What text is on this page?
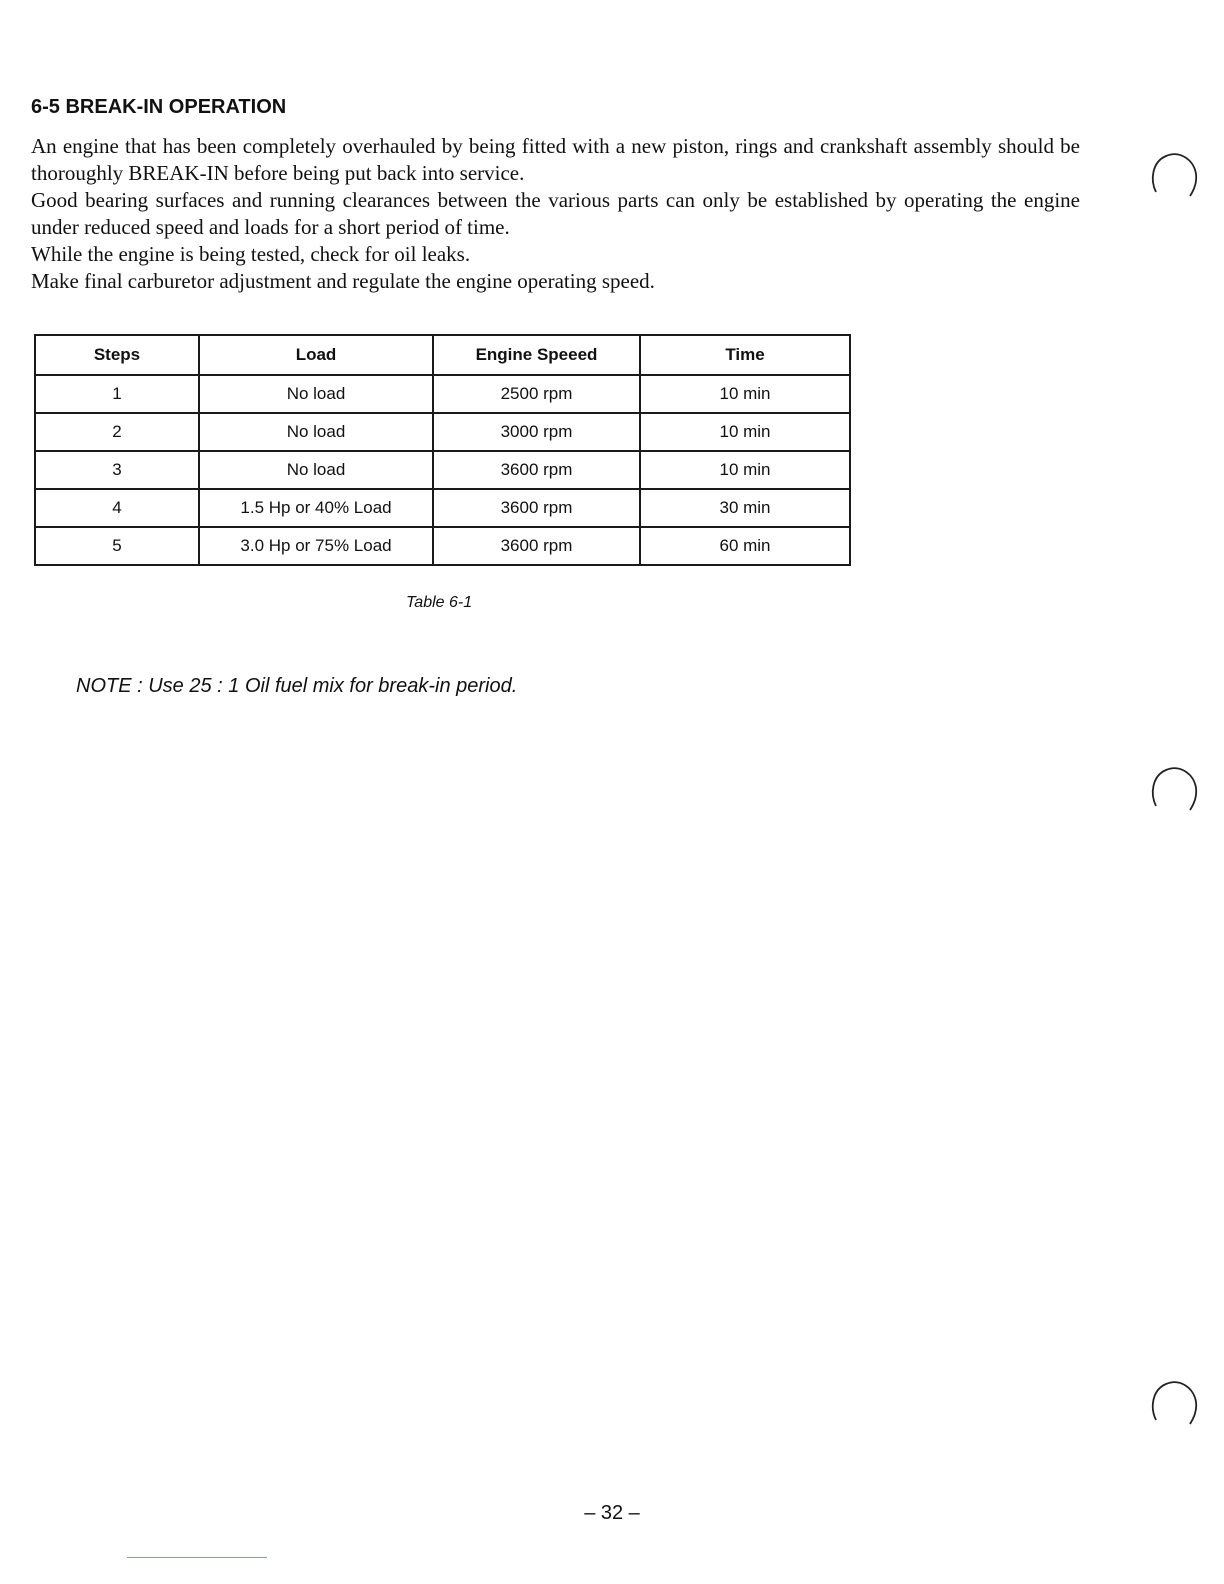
6-5 BREAK-IN OPERATION

An engine that has been completely overhauled by being fitted with a new piston, rings and crankshaft assembly should be thoroughly BREAK-IN before being put back into service.

Good bearing surfaces and running clearances between the various parts can only be established by operating the engine under reduced speed and loads for a short period of time.

While the engine is being tested, check for oil leaks.

Make final carburetor adjustment and regulate the engine operating speed.

Steps	Load	Engine Speeed	Time
1	No load	2500 rpm	10 min
2	No load	3000 rpm	10 min
3	No load	3600 rpm	10 min
4	1.5 Hp or 40% Load	3600 rpm	30 min
5	3.0 Hp or 75% Load	3600 rpm	60 min
Table 6-1
NOTE : Use 25 : 1 Oil fuel mix for break-in period.
– 32 –
